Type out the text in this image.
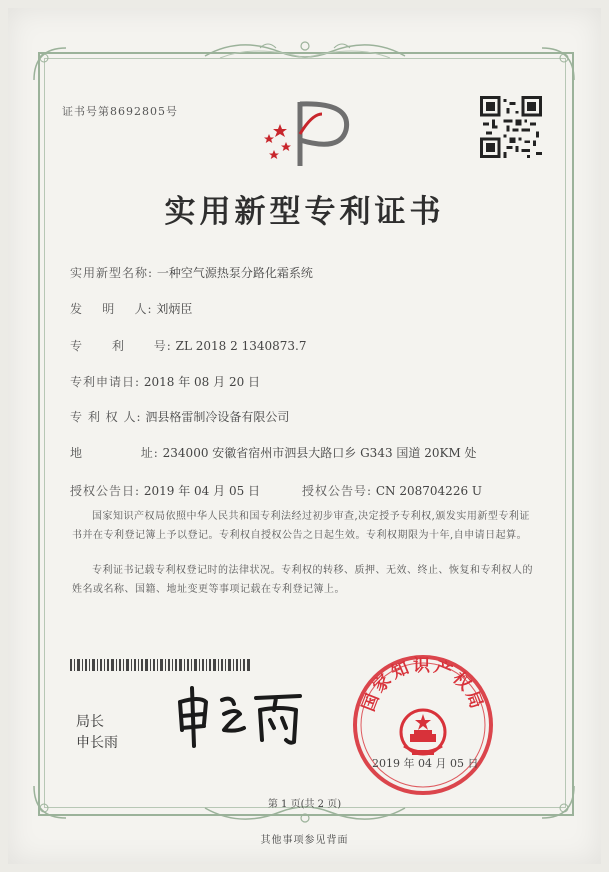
证书号第8692805号
实用新型专利证书
实用新型名称: 一种空气源热泵分路化霜系统
发    明    人: 刘炳臣
专      利      号: ZL 2018 2 1340873.7
专利申请日: 2018 年 08 月 20 日
专 利 权 人: 泗县格雷制冷设备有限公司
地            址: 234000 安徽省宿州市泗县大路口乡 G343 国道 20KM 处
授权公告日: 2019 年 04 月 05 日	授权公告号: CN 208704226 U
国家知识产权局依照中华人民共和国专利法经过初步审查,决定授予专利权,颁发实用新型专利证书并在专利登记簿上予以登记。专利权自授权公告之日起生效。专利权期限为十年,自申请日起算。
专利证书记载专利权登记时的法律状况。专利权的转移、质押、无效、终止、恢复和专利权人的姓名或名称、国籍、地址变更等事项记载在专利登记簿上。
局长
申长雨
国家知识产权局
2019 年 04 月 05 日
第 1 页(共 2 页)
其他事项参见背面
